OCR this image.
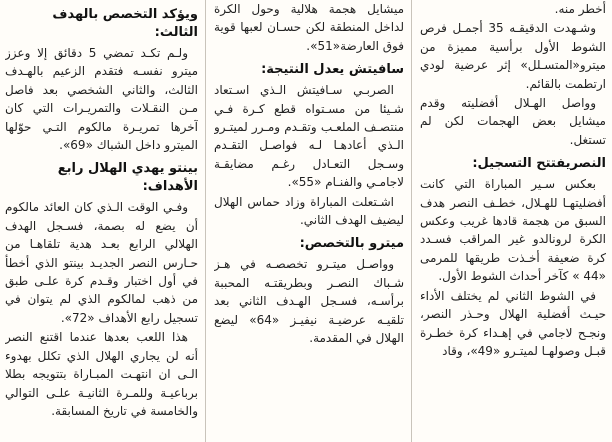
أخطر منه.

وشـهدت الدقيقـه 35 أجمـل فرص الشوط الأول برأسية مميزة من ميترو«المتسـلل» إثر عرضية لودي ارتطمت بالقائم.

وواصل الهـلال أفضليته وقدم ميشايل بعض الهجمات لكن لم تستغل.

النصريفتتح التسجيل:

بعكس سـير المباراة التي كانت أفضليتهـا للهـلال، خطـف النصر هدف السبق من هجمة قادها غريب وعكس الكرة لرونالدو غير المراقب فسـدد كرة ضعيفة أخـذت طريقها للمرمى «44 » كآخر أحداث الشوط الأول.

في الشوط الثاني لم يختلف الأداء حيـث أفضلية الهلال وحـذر النصر، ونجـح لاجامي في إهـداء كرة خطـرة قبـل وصولهـا لميتـرو «49»، وقاد

ميشايل هجمة هلالية وحول الكرة لداخل المنطقة لكن حسـان لعبها قوية فوق العارضة«51».

سافيتش يعدل النتيجة:

الصربـي سـافيتش الـذي اسـتعاد شـيئا من مسـتواه قطع كـرة فـي منتصـف الملعـب وتقـدم ومـرر لميتـرو الـذي أعادهـا لـه فواصـل التقـدم وسـجل التعـادل رغـم مضايقـة لاجامـي والفنـام «55».

اشـتعلت المباراة وزاد حماس الهلال ليضيف الهدف الثاني.

ميترو بالتخصص:

وواصـل ميتـرو تخصصـه في هـز شـباك النصـر وبطريقتـه المحببة برأسـه، فسـجل الهـدف الثاني بعد تلقيـه عرضيـة نيفيـز «64» ليضع الهلال في المقدمة.

ويؤكد التخصص بالهدف الثالث:

ولـم تكـد تمضي 5 دقائق إلا وعزز ميترو نفسـه فتقدم الزعيم بالهـدف الثالث، والثاني الشخصي بعد فاصل مـن النقـلات والتمريـرات التي كان آخرها تمريـرة مالكوم التـي حوّلها الميترو داخل الشباك «69».

بينتو يهدي الهلال رابع الأهداف:

وفـي الوقت الـذي كان العائد مالكوم أن يضع له بصمة، فسـجل الهدف الهلالي الرابع بعـد هدية تلقاهـا من حـارس النصر الجديـد بينتو الذي أخطأ في أول اختبار وقـدم كرة علـى طبق من ذهب لمالكوم الذي لم يتوان في تسجيل رابع الأهداف «72».

هذا اللعب بعدها عندما اقتنع النصر أنه لن يجاري الهلال الذي تكلل بهدوء الـى ان انتهـت المبـاراة بتتويجه بطلا برباعيـة وللمـرة الثانيـة علـى التوالي والخامسة في تاريخ المسابقة.
